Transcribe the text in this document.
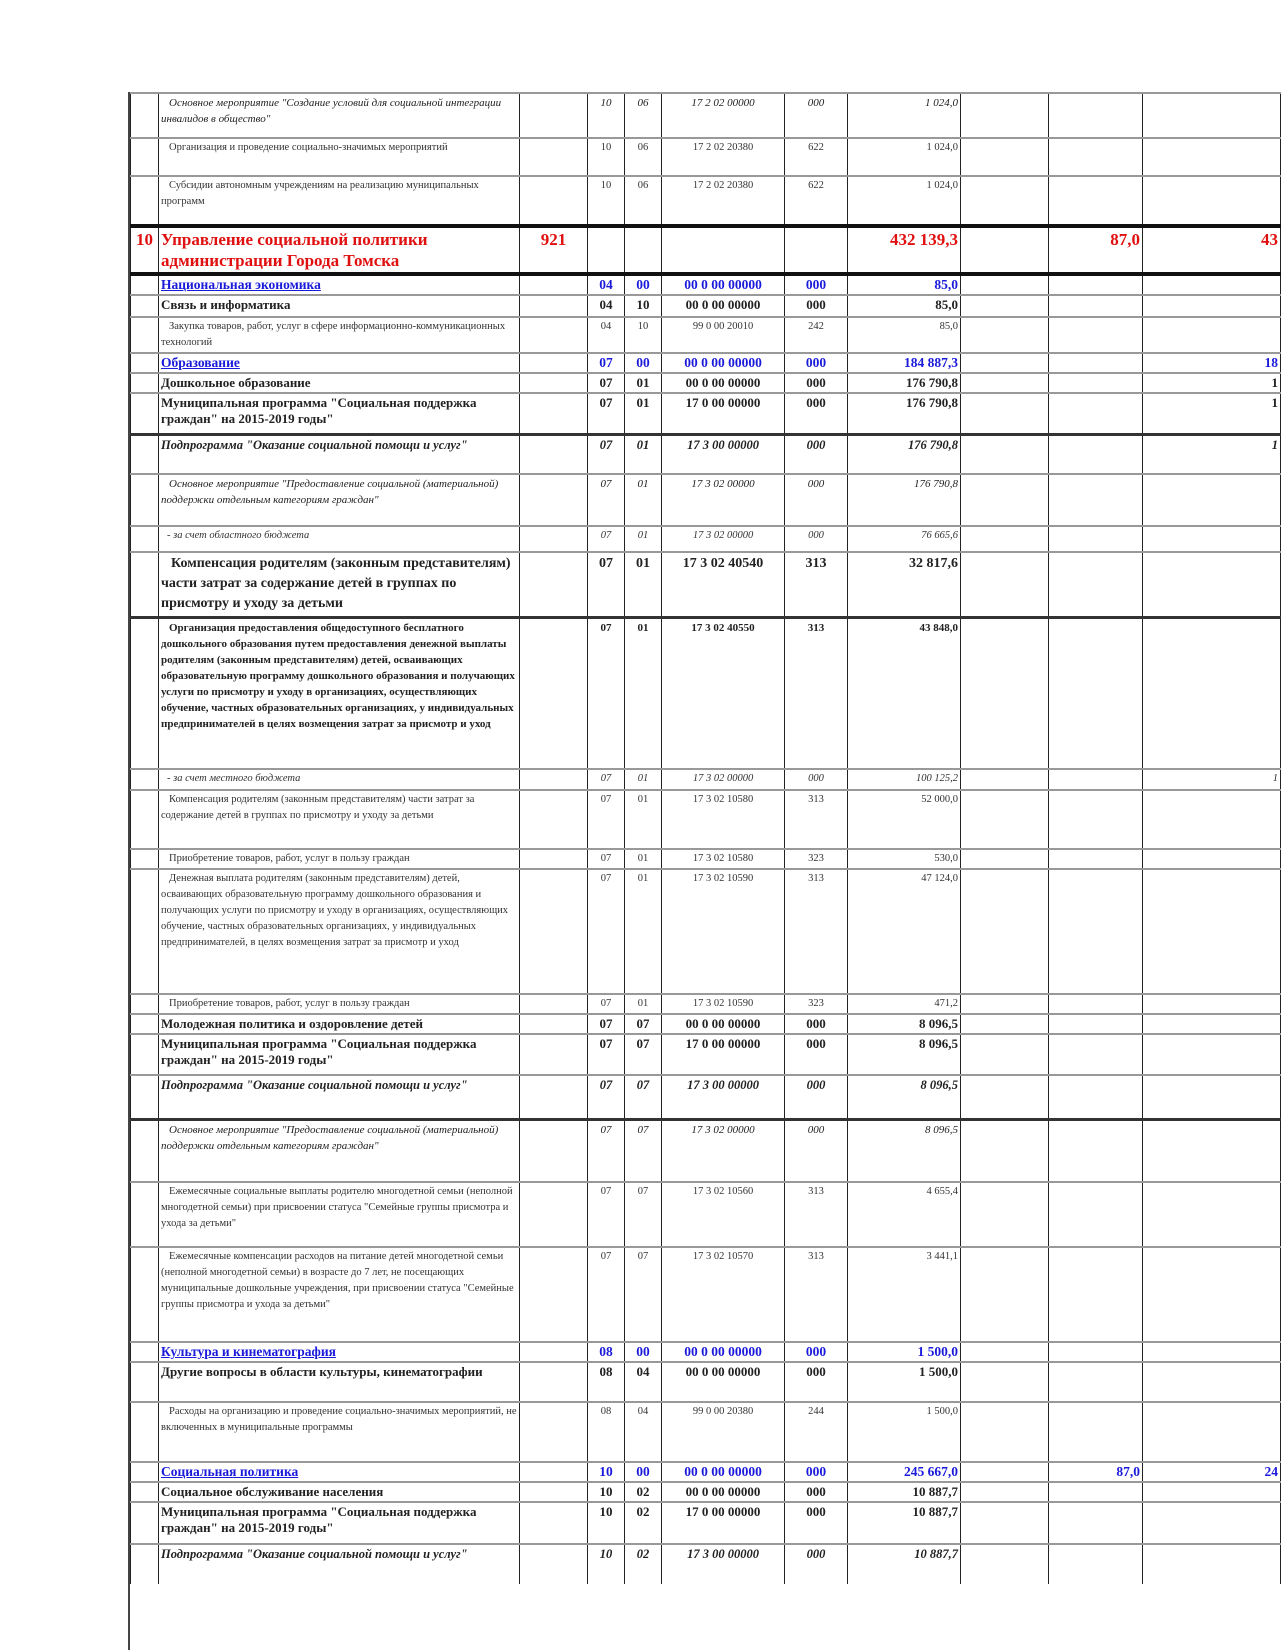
	Основное мероприятие "Создание условий для социальной интеграции инвалидов в общество"		10	06	17 2 02 00000	000	1 024,0			
	Организация и проведение социально-значимых мероприятий		10	06	17 2 02 20380	622	1 024,0			
	Субсидии автономным учреждениям на реализацию муниципальных программ		10	06	17 2 02 20380	622	1 024,0			
10	Управление социальной политики администрации Города Томска	921					432 139,3		87,0	43
	Национальная экономика		04	00	00 0 00 00000	000	85,0			
	Связь и информатика		04	10	00 0 00 00000	000	85,0			
	Закупка товаров, работ, услуг в сфере информационно-коммуникационных технологий		04	10	99 0 00 20010	242	85,0			
	Образование		07	00	00 0 00 00000	000	184 887,3			18
	Дошкольное образование		07	01	00 0 00 00000	000	176 790,8			1
	Муниципальная программа "Социальная поддержка граждан" на 2015-2019 годы"		07	01	17 0 00 00000	000	176 790,8			1
	Подпрограмма "Оказание социальной помощи и услуг"		07	01	17 3 00 00000	000	176 790,8			1
	Основное мероприятие "Предоставление социальной (материальной) поддержки отдельным категориям граждан"		07	01	17 3 02 00000	000	176 790,8			
	- за счет областного бюджета		07	01	17 3 02 00000	000	76 665,6			
	Компенсация родителям (законным представителям) части затрат за содержание детей в группах по присмотру и уходу за детьми		07	01	17 3 02 40540	313	32 817,6			
	Организация предоставления общедоступного бесплатного дошкольного образования путем предоставления денежной выплаты родителям (законным представителям) детей, осваивающих образовательную программу дошкольного образования и получающих услуги по присмотру и уходу в организациях, осуществляющих обучение, частных образовательных организациях, у индивидуальных предпринимателей в целях возмещения затрат за присмотр и уход		07	01	17 3 02 40550	313	43 848,0			
	- за счет местного бюджета		07	01	17 3 02 00000	000	100 125,2			1
	Компенсация родителям (законным представителям) части затрат за содержание детей в группах по присмотру и уходу за детьми		07	01	17 3 02 10580	313	52 000,0			
	Приобретение товаров, работ, услуг в пользу граждан		07	01	17 3 02 10580	323	530,0			
	Денежная выплата родителям (законным представителям) детей, осваивающих образовательную программу дошкольного образования и получающих услуги по присмотру и уходу в организациях, осуществляющих обучение, частных образовательных организациях, у индивидуальных предпринимателей, в целях возмещения затрат за присмотр и уход		07	01	17 3 02 10590	313	47 124,0			
	Приобретение товаров, работ, услуг в пользу граждан		07	01	17 3 02 10590	323	471,2			
	Молодежная политика и оздоровление детей		07	07	00 0 00 00000	000	8 096,5			
	Муниципальная программа "Социальная поддержка граждан" на 2015-2019 годы"		07	07	17 0 00 00000	000	8 096,5			
	Подпрограмма "Оказание социальной помощи и услуг"		07	07	17 3 00 00000	000	8 096,5			
	Основное мероприятие "Предоставление социальной (материальной) поддержки отдельным категориям граждан"		07	07	17 3 02 00000	000	8 096,5			
	Ежемесячные социальные выплаты родителю многодетной семьи (неполной многодетной семьи) при присвоении статуса "Семейные группы присмотра и ухода за детьми"		07	07	17 3 02 10560	313	4 655,4			
	Ежемесячные компенсации расходов на питание детей многодетной семьи (неполной многодетной семьи) в возрасте до 7 лет, не посещающих муниципальные дошкольные учреждения, при присвоении статуса "Семейные группы присмотра и ухода за детьми"		07	07	17 3 02 10570	313	3 441,1			
	Культура и кинематография		08	00	00 0 00 00000	000	1 500,0			
	Другие вопросы в области культуры, кинематографии		08	04	00 0 00 00000	000	1 500,0			
	Расходы на организацию и проведение социально-значимых мероприятий, не включенных в муниципальные программы		08	04	99 0 00 20380	244	1 500,0			
	Социальная политика		10	00	00 0 00 00000	000	245 667,0		87,0	24
	Социальное обслуживание населения		10	02	00 0 00 00000	000	10 887,7			
	Муниципальная программа "Социальная поддержка граждан" на 2015-2019 годы"		10	02	17 0 00 00000	000	10 887,7			
	Подпрограмма "Оказание социальной помощи и услуг"		10	02	17 3 00 00000	000	10 887,7			
